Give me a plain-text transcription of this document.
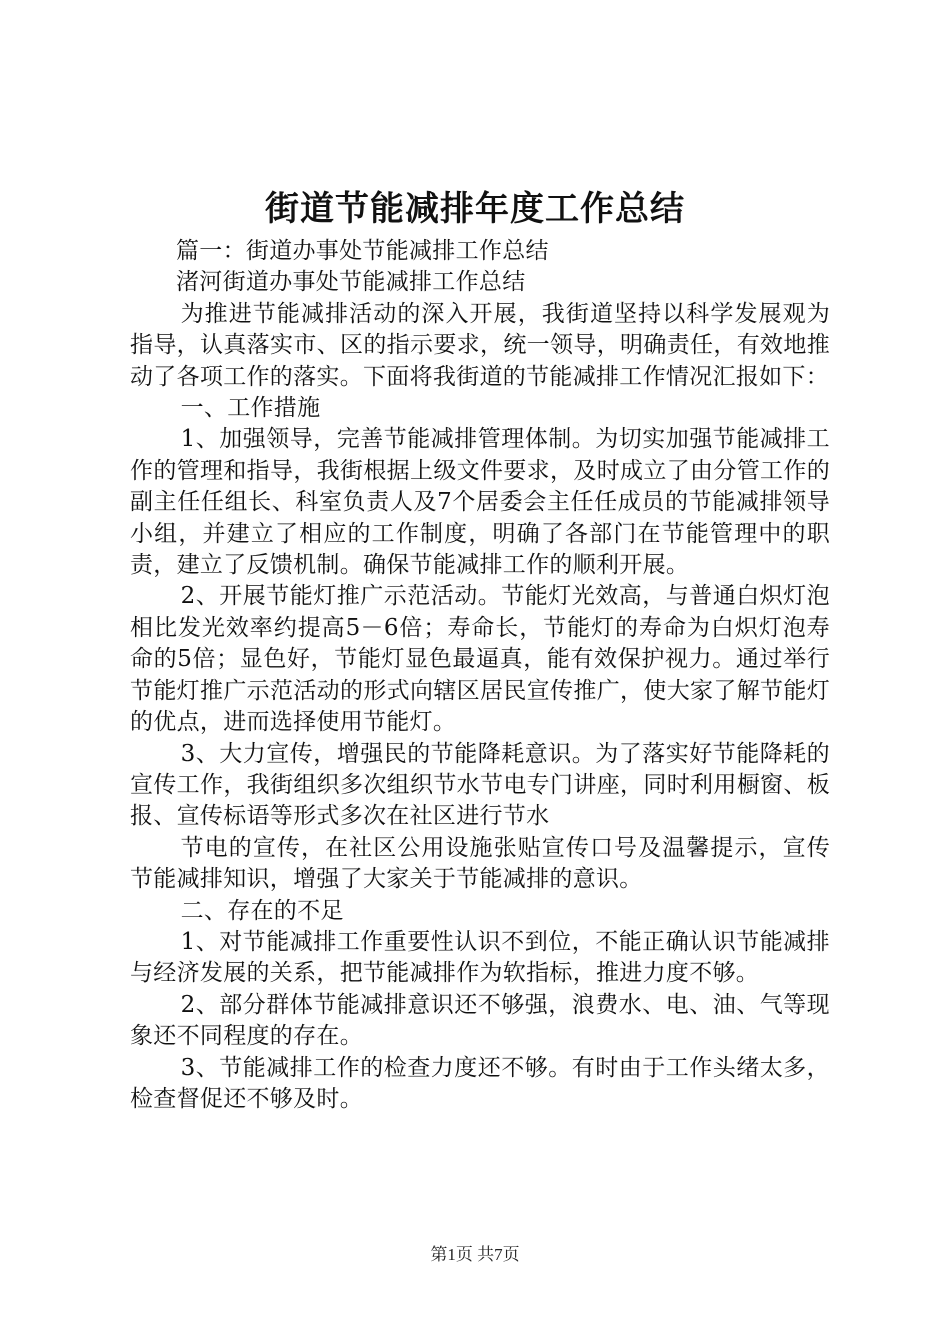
街道节能减排年度工作总结

篇一：街道办事处节能减排工作总结

渚河街道办事处节能减排工作总结

为推进节能减排活动的深入开展，我街道坚持以科学发展观为指导，认真落实市、区的指示要求，统一领导，明确责任，有效地推动了各项工作的落实。下面将我街道的节能减排工作情况汇报如下：

一、工作措施

1、加强领导，完善节能减排管理体制。为切实加强节能减排工作的管理和指导，我街根据上级文件要求，及时成立了由分管工作的副主任任组长、科室负责人及7个居委会主任任成员的节能减排领导小组，并建立了相应的工作制度，明确了各部门在节能管理中的职责，建立了反馈机制。确保节能减排工作的顺利开展。

2、开展节能灯推广示范活动。节能灯光效高，与普通白炽灯泡相比发光效率约提高5－6倍；寿命长，节能灯的寿命为白炽灯泡寿命的5倍；显色好，节能灯显色最逼真，能有效保护视力。通过举行节能灯推广示范活动的形式向辖区居民宣传推广，使大家了解节能灯的优点，进而选择使用节能灯。

3、大力宣传，增强民的节能降耗意识。为了落实好节能降耗的宣传工作，我街组织多次组织节水节电专门讲座，同时利用橱窗、板报、宣传标语等形式多次在社区进行节水

节电的宣传，在社区公用设施张贴宣传口号及温馨提示，宣传节能减排知识，增强了大家关于节能减排的意识。

二、存在的不足

1、对节能减排工作重要性认识不到位，不能正确认识节能减排与经济发展的关系，把节能减排作为软指标，推进力度不够。

2、部分群体节能减排意识还不够强，浪费水、电、油、气等现象还不同程度的存在。

3、节能减排工作的检查力度还不够。有时由于工作头绪太多，检查督促还不够及时。

第1页 共7页
